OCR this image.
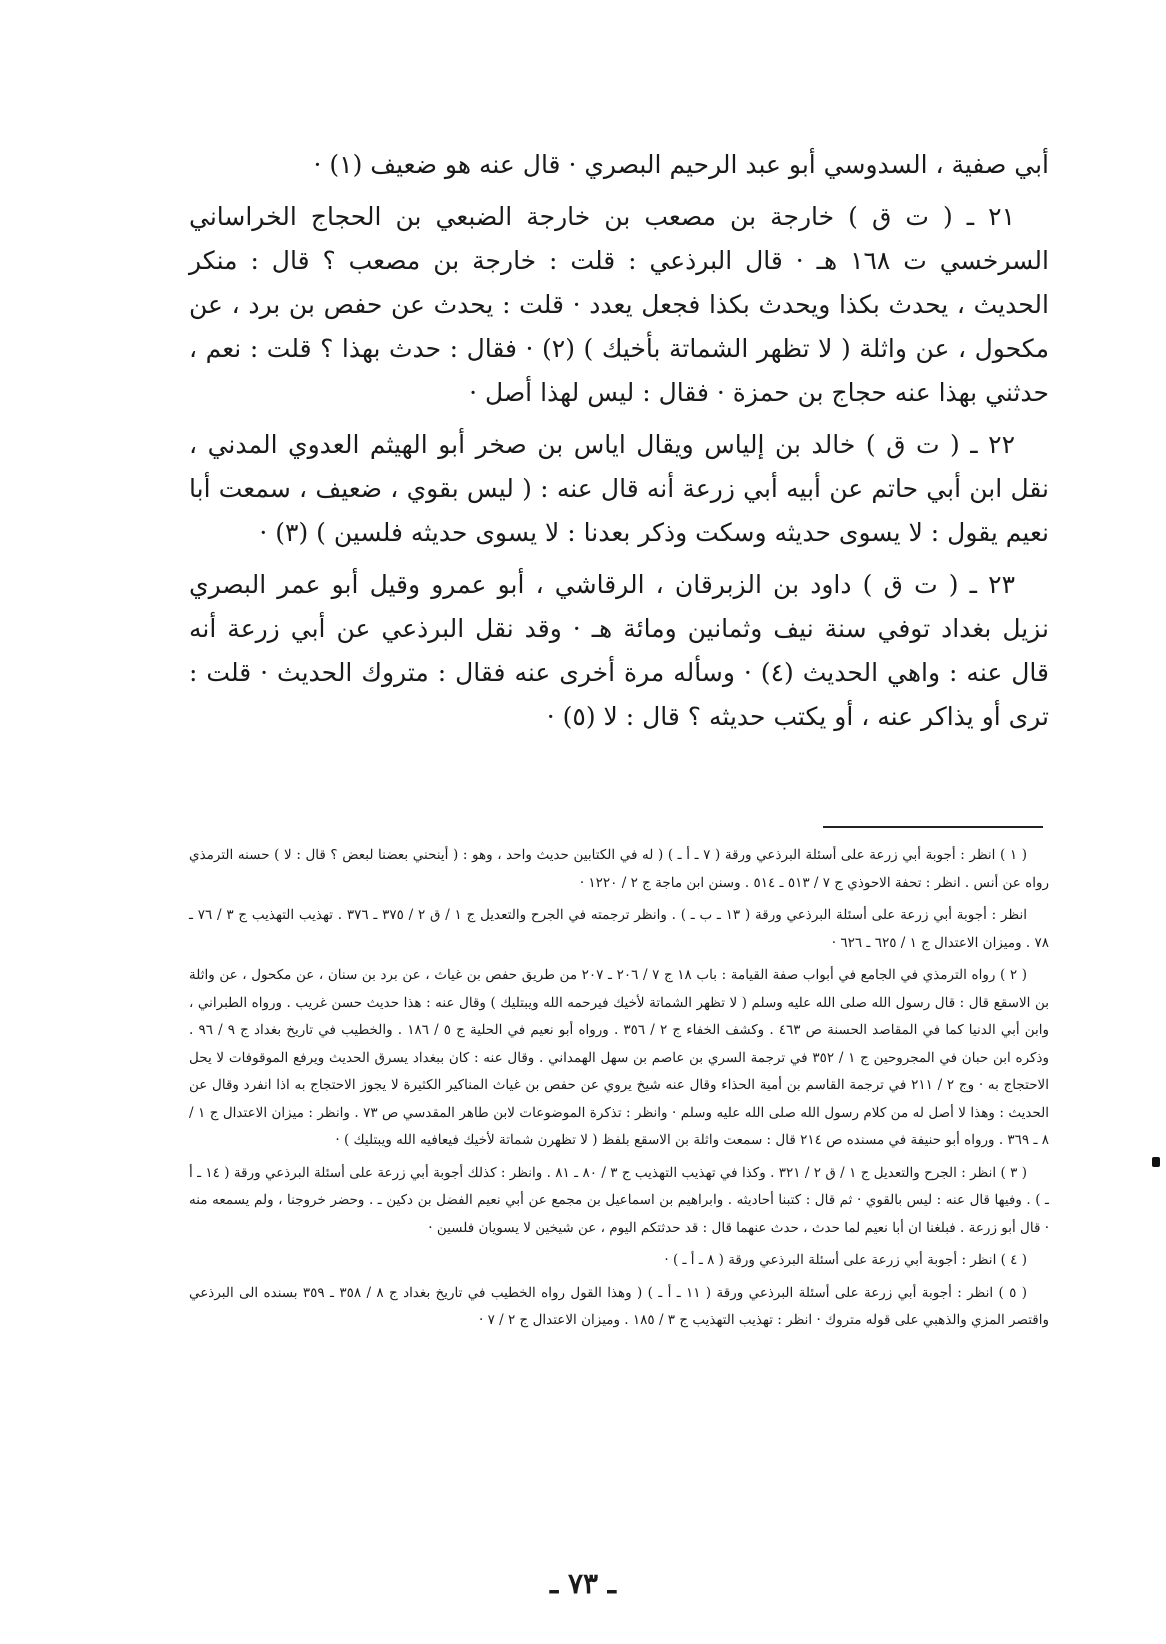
أبي صفية ، السدوسي أبو عبد الرحيم البصري · قال عنه هو ضعيف (١) ·

٢١ ـ ( ت ق ) خارجة بن مصعب بن خارجة الضبعي بن الحجاج الخراساني السرخسي ت ١٦٨ هـ · قال البرذعي : قلت : خارجة بن مصعب ؟ قال : منكر الحديث ، يحدث بكذا ويحدث بكذا فجعل يعدد · قلت : يحدث عن حفص بن برد ، عن مكحول ، عن واثلة ( لا تظهر الشماتة بأخيك ) (٢) · فقال : حدث بهذا ؟ قلت : نعم ، حدثني بهذا عنه حجاج بن حمزة · فقال : ليس لهذا أصل ·

٢٢ ـ ( ت ق ) خالد بن إلياس ويقال اياس بن صخر أبو الهيثم العدوي المدني ، نقل ابن أبي حاتم عن أبيه أبي زرعة أنه قال عنه : ( ليس بقوي ، ضعيف ، سمعت أبا نعيم يقول : لا يسوى حديثه وسكت وذكر بعدنا : لا يسوى حديثه فلسين ) (٣) ·

٢٣ ـ ( ت ق ) داود بن الزبرقان ، الرقاشي ، أبو عمرو وقيل أبو عمر البصري نزيل بغداد توفي سنة نيف وثمانين ومائة هـ · وقد نقل البرذعي عن أبي زرعة أنه قال عنه : واهي الحديث (٤) · وسأله مرة أخرى عنه فقال : متروك الحديث · قلت : ترى أو يذاكر عنه ، أو يكتب حديثه ؟ قال : لا (٥) ·

( ١ ) انظر : أجوبة أبي زرعة على أسئلة البرذعي ورقة ( ٧ ـ أ ـ ) ( له في الكتابين حديث واحد ، وهو : ( أينحني بعضنا لبعض ؟ قال : لا ) حسنه الترمذي رواه عن أنس . انظر : تحفة الاحوذي ج ٧ / ٥١٣ ـ ٥١٤ . وسنن ابن ماجة ج ٢ / ١٢٢٠ ·

انظر : أجوبة أبي زرعة على أسئلة البرذعي ورقة ( ١٣ ـ ب ـ ) . وانظر ترجمته في الجرح والتعديل ج ١ / ق ٢ / ٣٧٥ ـ ٣٧٦ . تهذيب التهذيب ج ٣ / ٧٦ ـ ٧٨ . وميزان الاعتدال ج ١ / ٦٢٥ ـ ٦٢٦ ·

( ٢ ) رواه الترمذي في الجامع في أبواب صفة القيامة : باب ١٨ ج ٧ / ٢٠٦ ـ ٢٠٧ من طريق حفص بن غياث ، عن برد بن سنان ، عن مكحول ، عن واثلة بن الاسقع قال : قال رسول الله صلى الله عليه وسلم ( لا تظهر الشماتة لأخيك فيرحمه الله ويبتليك ) وقال عنه : هذا حديث حسن غريب . ورواه الطبراني ، وابن أبي الدنيا كما في المقاصد الحسنة ص ٤٦٣ . وكشف الخفاء ج ٢ / ٣٥٦ . ورواه أبو نعيم في الحلية ج ٥ / ١٨٦ . والخطيب في تاريخ بغداد ج ٩ / ٩٦ . وذكره ابن حبان في المجروحين ج ١ / ٣٥٢ في ترجمة السري بن عاصم بن سهل الهمداني . وقال عنه : كان ببغداد يسرق الحديث ويرفع الموقوفات لا يحل الاحتجاج به · وج ٢ / ٢١١ في ترجمة القاسم بن أمية الحذاء وقال عنه شيخ يروي عن حفص بن غياث المناكير الكثيرة لا يجوز الاحتجاج به اذا انفرد وقال عن الحديث : وهذا لا أصل له من كلام رسول الله صلى الله عليه وسلم · وانظر : تذكرة الموضوعات لابن طاهر المقدسي ص ٧٣ . وانظر : ميزان الاعتدال ج ١ / ٨ ـ ٣٦٩ . ورواه أبو حنيفة في مسنده ص ٢١٤ قال : سمعت واثلة بن الاسقع بلفظ ( لا تظهرن شماتة لأخيك فيعافيه الله ويبتليك ) ·

( ٣ ) انظر : الجرح والتعديل ج ١ / ق ٢ / ٣٢١ . وكذا في تهذيب التهذيب ج ٣ / ٨٠ ـ ٨١ . وانظر : كذلك أجوبة أبي زرعة على أسئلة البرذعي ورقة ( ١٤ ـ أ ـ ) . وفيها قال عنه : ليس بالقوي · ثم قال : كتبنا أحاديثه . وابراهيم بن اسماعيل بن مجمع عن أبي نعيم الفضل بن دكين ـ . وحضر خروجنا ، ولم يسمعه منه · قال أبو زرعة . فبلغنا ان أبا نعيم لما حدث ، حدث عنهما قال : قد حدثتكم اليوم ، عن شيخين لا يسويان فلسين ·

( ٤ ) انظر : أجوبة أبي زرعة على أسئلة البرذعي ورقة ( ٨ ـ أ ـ ) ·

( ٥ ) انظر : أجوبة أبي زرعة على أسئلة البرذعي ورقة ( ١١ ـ أ ـ ) ( وهذا القول رواه الخطيب في تاريخ بغداد ج ٨ / ٣٥٨ ـ ٣٥٩ بسنده الى البرذعي واقتصر المزي والذهبي على قوله متروك · انظر : تهذيب التهذيب ج ٣ / ١٨٥ . وميزان الاعتدال ج ٢ / ٧ ·

ـ ٧٣ ـ
